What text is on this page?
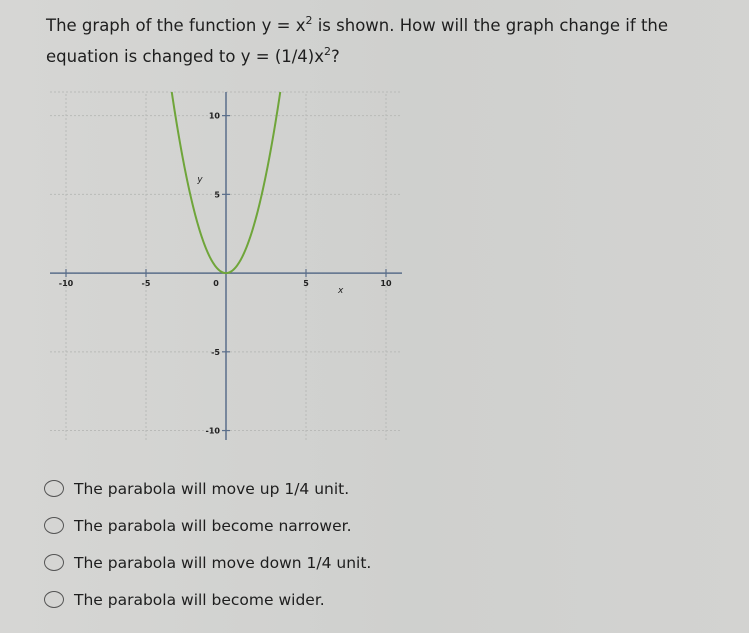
The graph of the function $y = x^2$ is shown. How will the graph change if the equation is changed to $y = (1/4)x^2$?
-10	-5	0	5	10
10
5
-5
-10
x
y
The parabola will move up 1/4 unit.
The parabola will become narrower.
The parabola will move down 1/4 unit.
The parabola will become wider.
